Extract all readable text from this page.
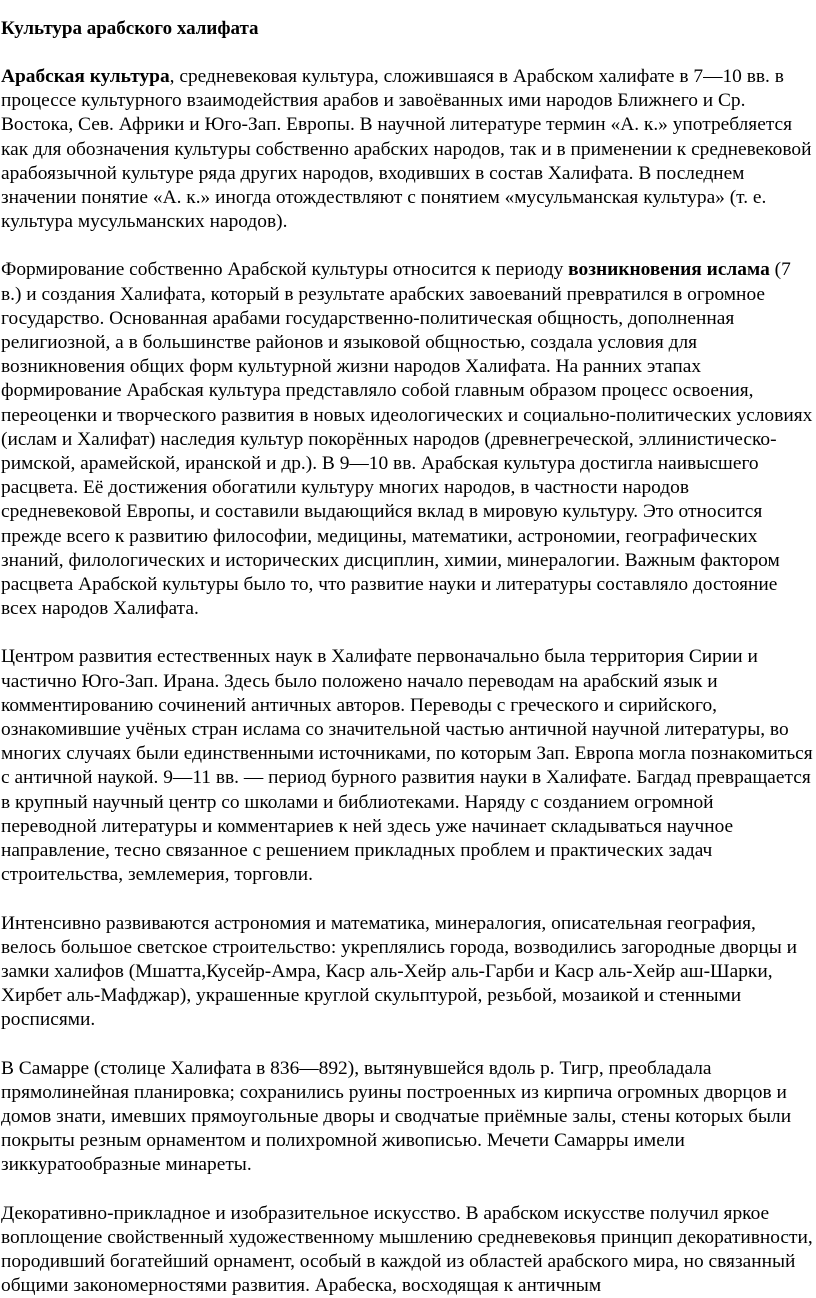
Культура арабского халифата

Арабская культура, средневековая культура, сложившаяся в Арабском халифате в 7—10 вв. в процессе культурного взаимодействия арабов и завоёванных ими народов Ближнего и Ср. Востока, Сев. Африки и Юго-Зап. Европы. В научной литературе термин «А. к.» употребляется как для обозначения культуры собственно арабских народов, так и в применении к средневековой арабоязычной культуре ряда других народов, входивших в состав Халифата. В последнем значении понятие «А. к.» иногда отождествляют с понятием «мусульманская культура» (т. е. культура мусульманских народов).

Формирование собственно Арабской культуры относится к периоду возникновения ислама (7 в.) и создания Халифата, который в результате арабских завоеваний превратился в огромное государство. Основанная арабами государственно-политическая общность, дополненная религиозной, а в большинстве районов и языковой общностью, создала условия для возникновения общих форм культурной жизни народов Халифата. На ранних этапах формирование Арабская культура представляло собой главным образом процесс освоения, переоценки и творческого развития в новых идеологических и социально-политических условиях (ислам и Халифат) наследия культур покорённых народов (древнегреческой, эллинистическо-римской, арамейской, иранской и др.). В 9—10 вв. Арабская культура достигла наивысшего расцвета. Её достижения обогатили культуру многих народов, в частности народов средневековой Европы, и составили выдающийся вклад в мировую культуру. Это относится прежде всего к развитию философии, медицины, математики, астрономии, географических знаний, филологических и исторических дисциплин, химии, минералогии. Важным фактором расцвета Арабской культуры было то, что развитие науки и литературы составляло достояние всех народов Халифата.

Центром развития естественных наук в Халифате первоначально была территория Сирии и частично Юго-Зап. Ирана. Здесь было положено начало переводам на арабский язык и комментированию сочинений античных авторов. Переводы с греческого и сирийского, ознакомившие учёных стран ислама со значительной частью античной научной литературы, во многих случаях были единственными источниками, по которым Зап. Европа могла познакомиться с античной наукой. 9—11 вв. — период бурного развития науки в Халифате. Багдад превращается в крупный научный центр со школами и библиотеками. Наряду с созданием огромной переводной литературы и комментариев к ней здесь уже начинает складываться научное направление, тесно связанное с решением прикладных проблем и практических задач строительства, землемерия, торговли.

Интенсивно развиваются астрономия и математика, минералогия, описательная география, велось большое светское строительство: укреплялись города, возводились загородные дворцы и замки халифов (Мшатта,Кусейр-Амра, Каср аль-Хейр аль-Гарби и Каср аль-Хейр аш-Шарки, Хирбет аль-Мафджар), украшенные круглой скульптурой, резьбой, мозаикой и стенными росписями.

В Самарре (столице Халифата в 836—892), вытянувшейся вдоль р. Тигр, преобладала прямолинейная планировка; сохранились руины построенных из кирпича огромных дворцов и домов знати, имевших прямоугольные дворы и сводчатые приёмные залы, стены которых были покрыты резным орнаментом и полихромной живописью. Мечети Самарры имели зиккуратообразные минареты.

Декоративно-прикладное и изобразительное искусство. В арабском искусстве получил яркое воплощение свойственный художественному мышлению средневековья принцип декоративности, породивший богатейший орнамент, особый в каждой из областей арабского мира, но связанный общими закономерностями развития. Арабеска, восходящая к античным
